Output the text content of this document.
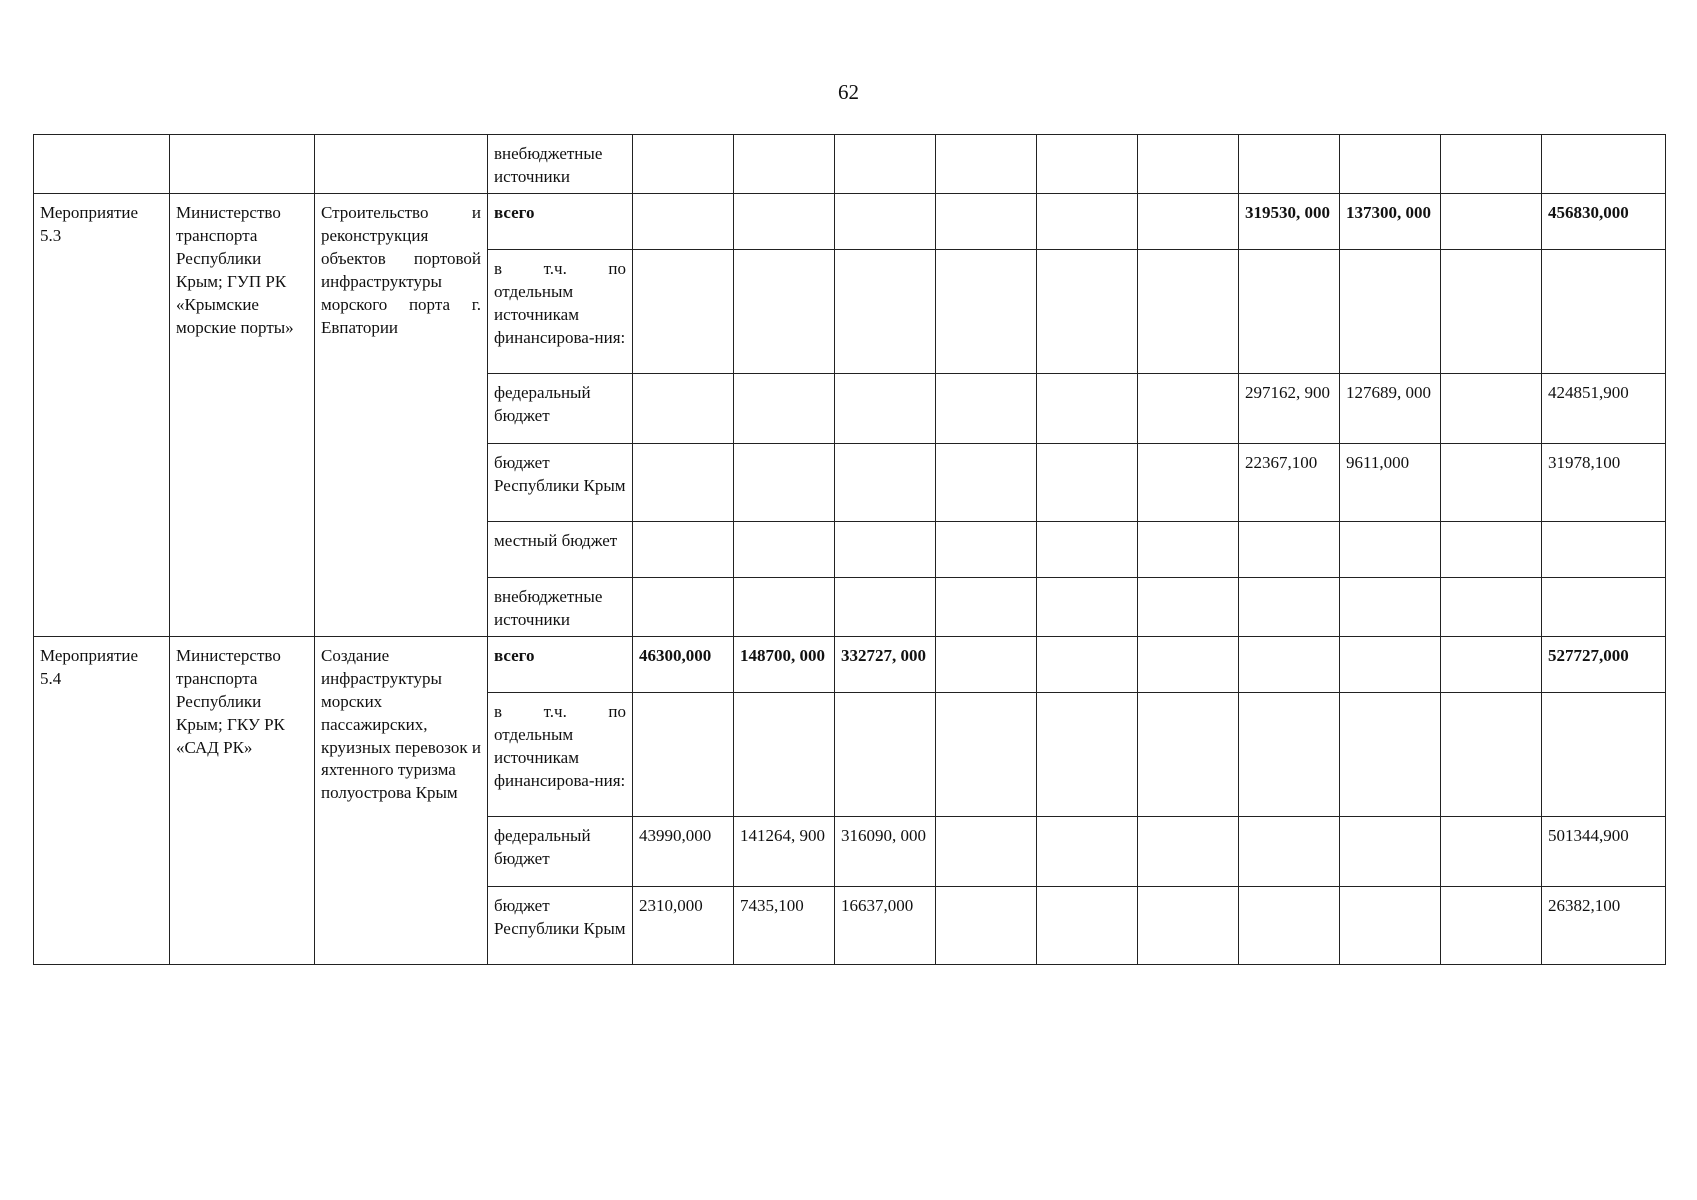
62
			внебюджетные источники										
Мероприятие 5.3	Министерство транспорта Республики Крым; ГУП РК «Крымские морские порты»	Строительство и реконструкция объектов портовой инфраструктуры морского порта г. Евпатории	всего							319530, 000	137300, 000		456830,000
			в т.ч. по отдельным источникам финансирова-ния:										
			федеральный бюджет							297162, 900	127689, 000		424851,900
			бюджет Республики Крым							22367,100	9611,000		31978,100
			местный бюджет										
			внебюджетные источники										
Мероприятие 5.4	Министерство транспорта Республики Крым; ГКУ РК «САД РК»	Создание инфраструктуры морских пассажирских, круизных перевозок и яхтенного туризма полуострова Крым	всего	46300,000	148700, 000	332727, 000							527727,000
			в т.ч. по отдельным источникам финансирова-ния:										
			федеральный бюджет	43990,000	141264, 900	316090, 000							501344,900
			бюджет Республики Крым	2310,000	7435,100	16637,000							26382,100
